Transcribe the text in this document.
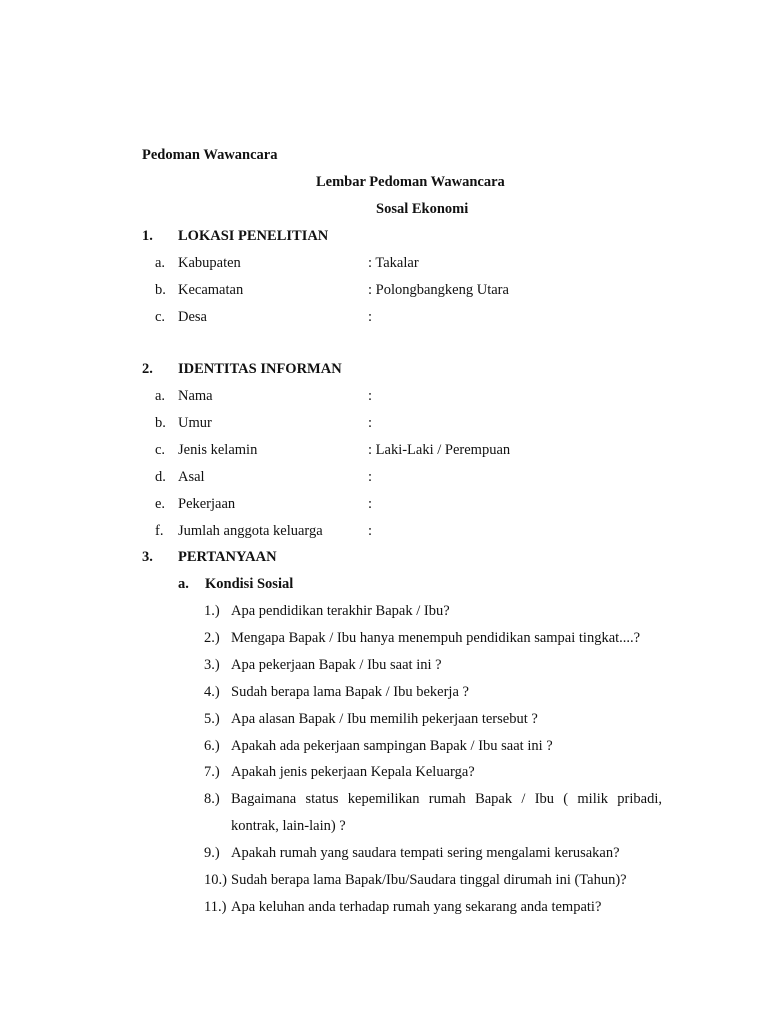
Pedoman Wawancara
Lembar Pedoman Wawancara
Sosal Ekonomi
1. LOKASI PENELITIAN
a. Kabupaten	: Takalar
b. Kecamatan	: Polongbangkeng Utara
c. Desa	:
2. IDENTITAS INFORMAN
a. Nama	:
b. Umur	:
c. Jenis kelamin	: Laki-Laki / Perempuan
d. Asal	:
e. Pekerjaan	:
f. Jumlah anggota keluarga	:
3. PERTANYAAN
a. Kondisi Sosial
1.) Apa pendidikan terakhir Bapak / Ibu?
2.) Mengapa Bapak / Ibu hanya menempuh pendidikan sampai tingkat....?
3.) Apa pekerjaan Bapak / Ibu saat ini ?
4.) Sudah berapa lama Bapak / Ibu bekerja ?
5.) Apa alasan Bapak / Ibu memilih pekerjaan tersebut ?
6.) Apakah ada pekerjaan sampingan Bapak / Ibu saat ini ?
7.) Apakah jenis pekerjaan Kepala Keluarga?
8.) Bagaimana status kepemilikan rumah Bapak / Ibu ( milik pribadi,
kontrak, lain-lain) ?
9.) Apakah rumah yang saudara tempati sering mengalami kerusakan?
10.) Sudah berapa lama Bapak/Ibu/Saudara tinggal dirumah ini (Tahun)?
11.) Apa keluhan anda terhadap rumah yang sekarang anda tempati?
